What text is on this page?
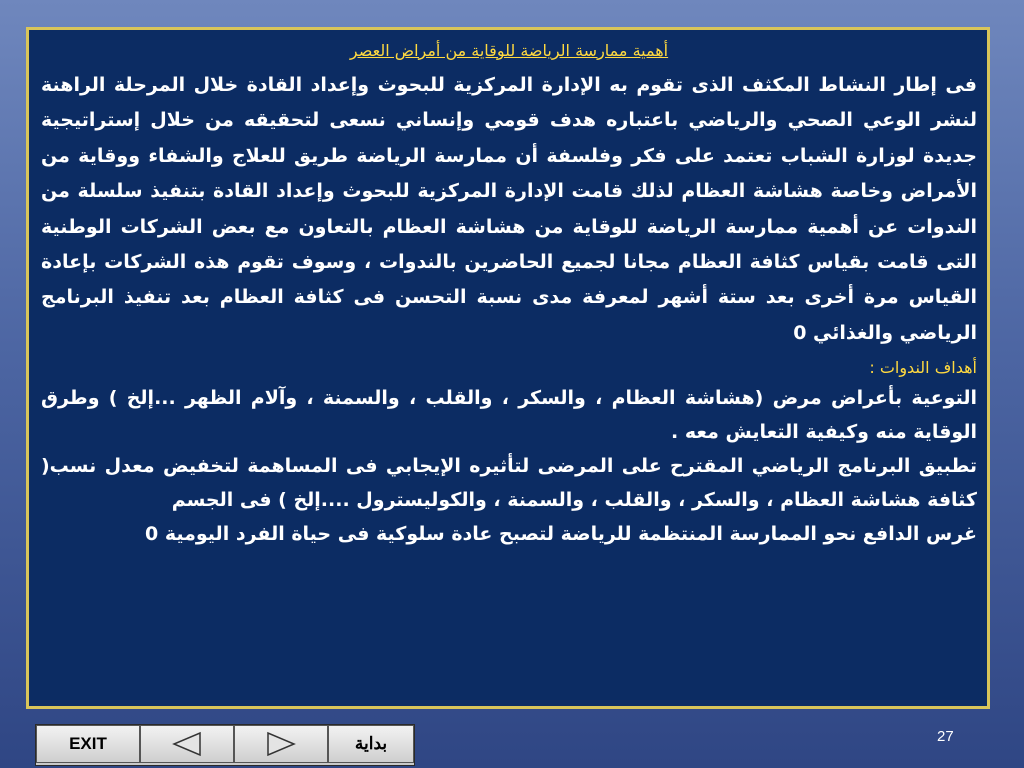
أهمية ممارسة الرياضة للوقاية من أمراض العصر

فى إطار النشاط المكثف الذى تقوم به الإدارة المركزية للبحوث وإعداد القادة خلال المرحلة الراهنة لنشر الوعي الصحي والرياضي باعتباره هدف قومي وإنساني نسعى لتحقيقه من خلال إستراتيجية جديدة لوزارة الشباب تعتمد على فكر وفلسفة أن ممارسة الرياضة طريق للعلاج والشفاء ووقاية من الأمراض وخاصة هشاشة العظام لذلك قامت الإدارة المركزية للبحوث وإعداد القادة بتنفيذ سلسلة من الندوات عن أهمية ممارسة الرياضة للوقاية من هشاشة العظام بالتعاون مع بعض الشركات الوطنية التى قامت بقياس كثافة العظام مجانا لجميع الحاضرين بالندوات ، وسوف تقوم هذه الشركات بإعادة القياس مرة أخرى بعد ستة أشهر لمعرفة مدى نسبة التحسن فى كثافة العظام بعد تنفيذ البرنامج الرياضي والغذائي 0

أهداف الندوات :

التوعية بأعراض مرض (هشاشة العظام ، والسكر ، والقلب ، والسمنة ، وآلام الظهر ...إلخ ) وطرق الوقاية منه وكيفية التعايش معه .

تطبيق البرنامج الرياضي المقترح على المرضى لتأثيره الإيجابي فى المساهمة لتخفيض معدل نسب( كثافة هشاشة العظام ، والسكر ، والقلب ، والسمنة ، والكوليسترول ....إلخ ) فى الجسم

غرس الدافع نحو الممارسة المنتظمة للرياضة لتصبح عادة سلوكية فى حياة الفرد اليومية 0

27
EXIT	بداية
